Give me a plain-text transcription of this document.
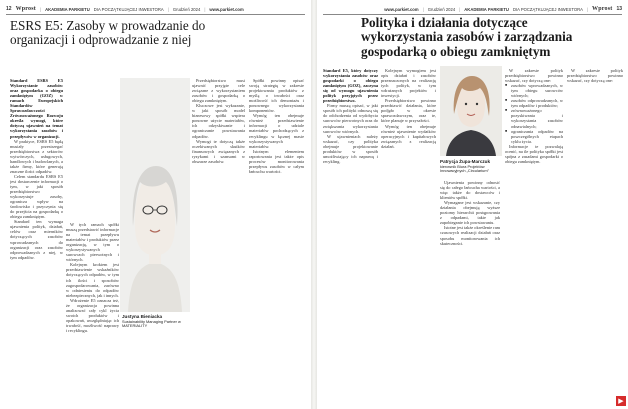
12 Wprost | AKADEMIA PARKIETU DIA POCZĄTKUJĄCEJ INWESTORA | Grudzień 2024 | www.parkiet.com
ESRS E5: Zasoby w prowadzanie do organizacji i odprowadzanie z niej

Standard ESRS E5 Wykorzystanie zasobów oraz gospodarka o obiegu zamkniętym (GOZ) w ramach Europejskich Standardów Sprawozdawczości Zrównoważonego Rozwoju określa wymogi, które dotyczą ujawnień na temat wykorzystania zasobów i przepływów w organizacji.

W praktyce, ESRS E5 będą musiały przestrzegać przedsiębiorstwa z sektorów wytwórczych, usługowych, handlowych i budowlanych, a także firmy, które generują znaczne ilości odpadów.

Celem standardu ESRS E5 jest dostarczenie informacji o tym, w jaki sposób przedsiębiorstwo wykorzystuje zasoby, ogranicza wpływ na środowisko i przyczynia się do przejścia na gospodarkę o obiegu zamkniętym.

Standard ten wymaga ujawnienia polityk, działań, celów oraz mierników dotyczących zasobów wprowadzanych do organizacji oraz zasobów odprowadzanych z niej, w tym odpadów.

W tych ramach spółki muszą przedstawić informacje na temat przepływu materiałów i produktów przez organizację, w tym o wykorzystywanych surowcach pierwotnych i wtórnych.

Kolejnym krokiem jest przedstawienie wskaźników dotyczących odpadów, w tym ich ilości i sposobów zagospodarowania, zarówno w odniesieniu do odpadów niebezpiecznych, jak i innych.

Wdrożenie E5 oznacza też, że organizacja powinna analizować cały cykl życia swoich produktów i opakowań, uwzględniając ich trwałość, możliwość naprawy i recyklingu.

Justyna Bieniacka
Sustainability Managing Partner w MATERIALITY

Przedsiębiorstwo musi ujawnić przyjęte cele związane z wykorzystaniem zasobów i gospodarką o obiegu zamkniętym.

Kluczowe jest wykazanie, w jaki sposób model biznesowy spółki wspiera ponowne użycie materiałów, ich odzyskiwanie i ograniczanie powstawania odpadów.

Wymogi te dotyczą także oczekiwanych skutków finansowych związanych z ryzykami i szansami w obszarze zasobów.

Spółki powinny opisać swoją strategię w zakresie projektowania produktów z myślą o trwałości oraz możliwość ich demontażu i ponownego wykorzystania komponentów.

Wymóg ten obejmuje również przedstawienie informacji o udziale materiałów pochodzących z recyklingu w łącznej masie wykorzystywanych materiałów.

Istotnym elementem raportowania jest także opis procesów monitorowania przepływu zasobów w całym łańcuchu wartości.

www.parkiet.com | Grudzień 2024 | AKADEMIA PARKIETU DIA POCZĄTKUJĄCEJ INWESTORA | Wprost 13
Polityka i działania dotyczące wykorzystania zasobów i zarządzania gospodarką o obiegu zamkniętym

Standard E5, który dotyczy wykorzystania zasobów oraz gospodarki o obiegu zamkniętym (GOZ), zaczyna się od wymogu ujawnienia polityk przyjętych przez przedsiębiorstwo.

Firmy muszą opisać, w jaki sposób ich polityki odnoszą się do odchodzenia od wydobycia surowców pierwotnych oraz do zwiększania wykorzystania surowców wtórnych.

W ujawnieniach należy wskazać, czy polityka obejmuje projektowanie produktów w sposób umożliwiający ich naprawę i recykling.

Kolejnym wymogiem jest opis działań i zasobów przeznaczonych na realizację tych polityk, w tym wdrażanych projektów i inwestycji.

Przedsiębiorstwo powinno przedstawić działania, które podjęło w okresie sprawozdawczym, oraz te, które planuje w przyszłości.

Wymóg ten obejmuje również ujawnienie wydatków operacyjnych i kapitałowych związanych z realizacją działań.

Patrycja Żupa-Marczuk
kierownik Biura Projektów Innowacyjnych „Circularium”

Ujawnienia powinny odnosić się do całego łańcucha wartości, a więc także do dostawców i klientów spółki.

Wymagane jest wskazanie, czy działania obejmują wyższe poziomy hierarchii postępowania z odpadami, takie jak zapobieganie ich powstawaniu.

Istotne jest także określenie ram czasowych realizacji działań oraz sposobu monitorowania ich skuteczności.

W zakresie polityk przedsiębiorstwo powinno wskazać, czy dotyczą one:

■ zasobów wprowadzanych, w tym obiegu surowców wtórnych;
■ zasobów odprowadzanych, w tym odpadów i produktów;
■ zrównoważonego pozyskiwania i wykorzystania zasobów odnawialnych;
■ ograniczania odpadów na poszczególnych etapach cyklu życia.

Informacje te pozwalają ocenić, na ile polityka spółki jest spójna z zasadami gospodarki o obiegu zamkniętym.

W zakresie polityk przedsiębiorstwo powinno wskazać, czy dotyczą one:

▶
